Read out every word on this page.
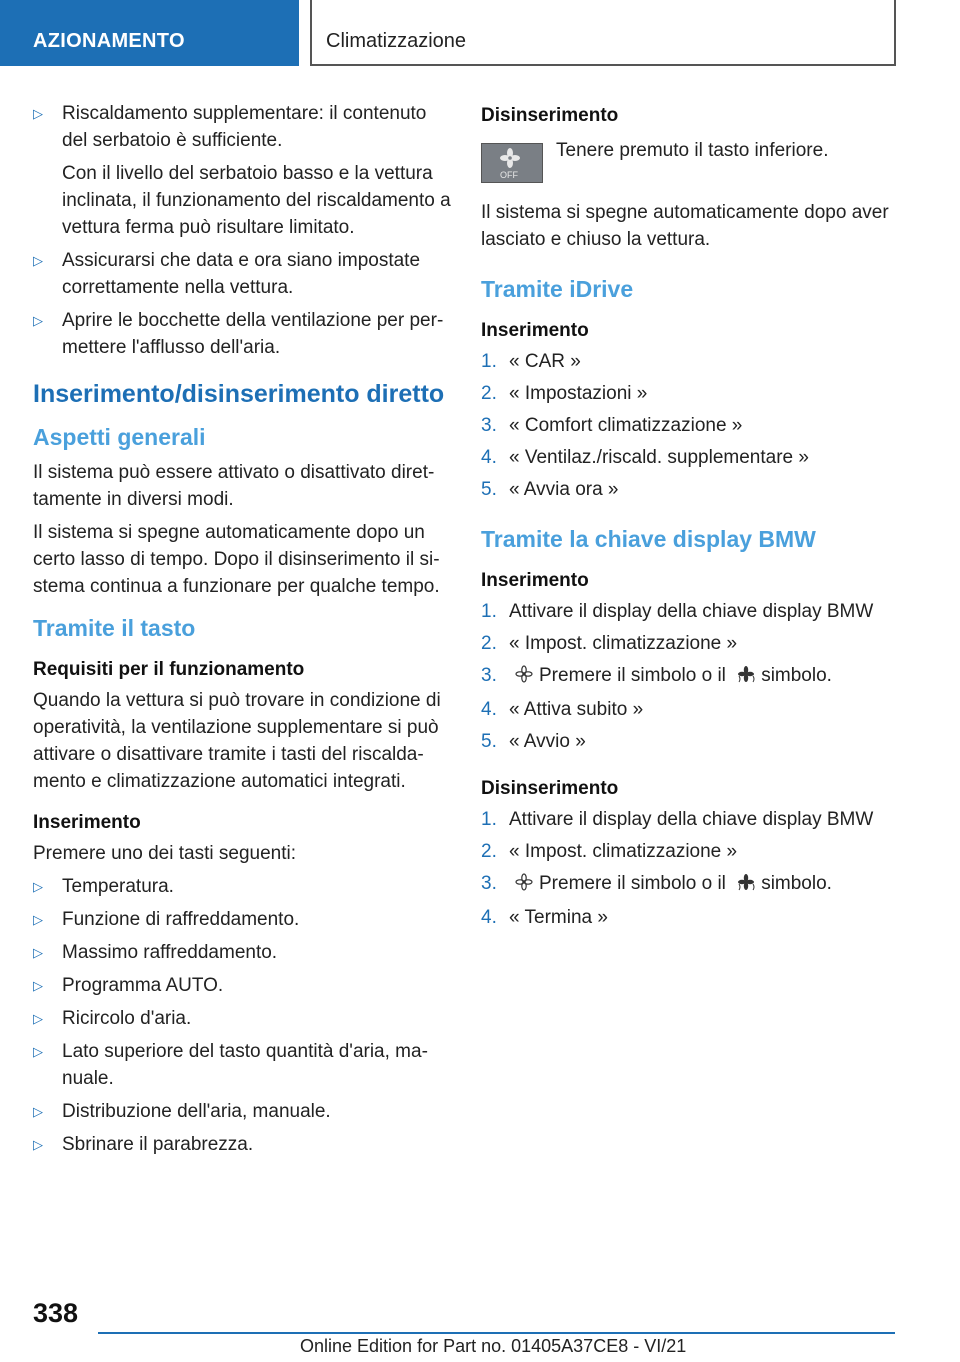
AZIONAMENTO	Climatizzazione
▷ Riscaldamento supplementare: il contenuto del serbatoio è sufficiente.
Con il livello del serbatoio basso e la vettura inclinata, il funzionamento del riscaldamento a vettura ferma può risultare limitato.
▷ Assicurarsi che data e ora siano impostate correttamente nella vettura.
▷ Aprire le bocchette della ventilazione per permettere l'afflusso dell'aria.
Inserimento/disinserimento diretto
Aspetti generali

Il sistema può essere attivato o disattivato direttamente in diversi modi.

Il sistema si spegne automaticamente dopo un certo lasso di tempo. Dopo il disinserimento il sistema continua a funzionare per qualche tempo.

Tramite il tasto
Requisiti per il funzionamento

Quando la vettura si può trovare in condizione di operatività, la ventilazione supplementare si può attivare o disattivare tramite i tasti del riscaldamento e climatizzazione automatici integrati.

Inserimento

Premere uno dei tasti seguenti:

▷ Temperatura.
▷ Funzione di raffreddamento.
▷ Massimo raffreddamento.
▷ Programma AUTO.
▷ Ricircolo d'aria.
▷ Lato superiore del tasto quantità d'aria, manuale.
▷ Distribuzione dell'aria, manuale.
▷ Sbrinare il parabrezza.
Disinserimento
OFF
Tenere premuto il tasto inferiore.

Il sistema si spegne automaticamente dopo aver lasciato e chiuso la vettura.

Tramite iDrive
Inserimento
1. « CAR »
2. « Impostazioni »
3. « Comfort climatizzazione »
4. « Ventilaz./riscald. supplementare »
5. « Avvia ora »
Tramite la chiave display BMW
Inserimento
1. Attivare il display della chiave display BMW
2. « Impost. climatizzazione »
3. Premere il simbolo o il simbolo.
4. « Attiva subito »
5. « Avvio »
Disinserimento
1. Attivare il display della chiave display BMW
2. « Impost. climatizzazione »
3. Premere il simbolo o il simbolo.
4. « Termina »
338
Online Edition for Part no. 01405A37CE8 - VI/21
